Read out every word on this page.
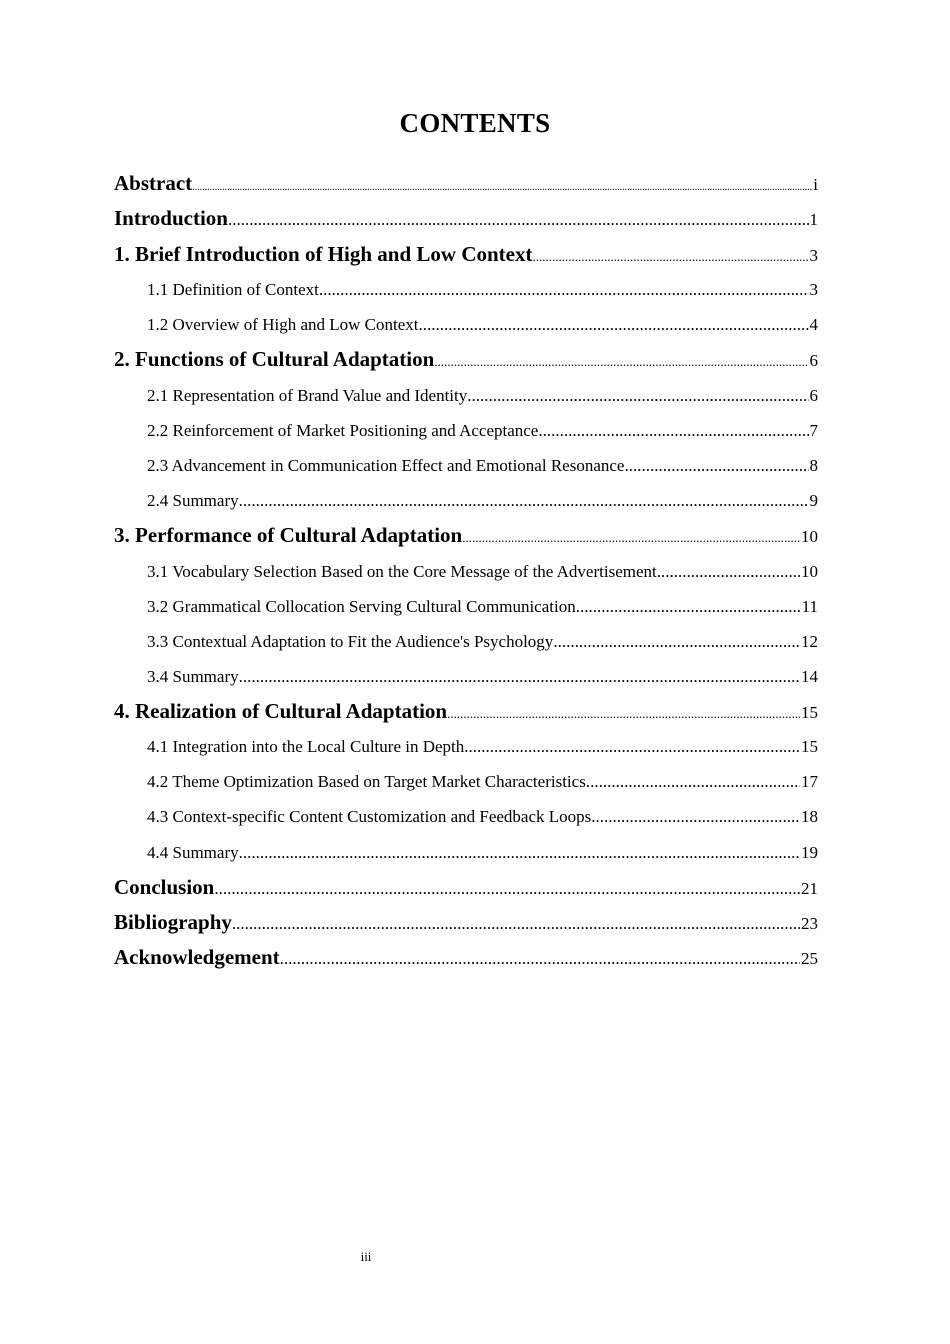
CONTENTS
Abstract .....	i
Introduction .....	1
1. Brief Introduction of High and Low Context .....	3
1.1 Definition of Context .....	3
1.2 Overview of High and Low Context .....	4
2. Functions of Cultural Adaptation .....	6
2.1 Representation of Brand Value and Identity .....	6
2.2 Reinforcement of Market Positioning and Acceptance .....	7
2.3 Advancement in Communication Effect and Emotional Resonance .....	8
2.4 Summary .....	9
3. Performance of Cultural Adaptation .....	10
3.1 Vocabulary Selection Based on the Core Message of the Advertisement .....	10
3.2 Grammatical Collocation Serving Cultural Communication .....	11
3.3 Contextual Adaptation to Fit the Audience's Psychology .....	12
3.4 Summary .....	14
4. Realization of Cultural Adaptation .....	15
4.1 Integration into the Local Culture in Depth .....	15
4.2 Theme Optimization Based on Target Market Characteristics .....	17
4.3 Context-specific Content Customization and Feedback Loops .....	18
4.4 Summary .....	19
Conclusion .....	21
Bibliography .....	23
Acknowledgement .....	25
iii
